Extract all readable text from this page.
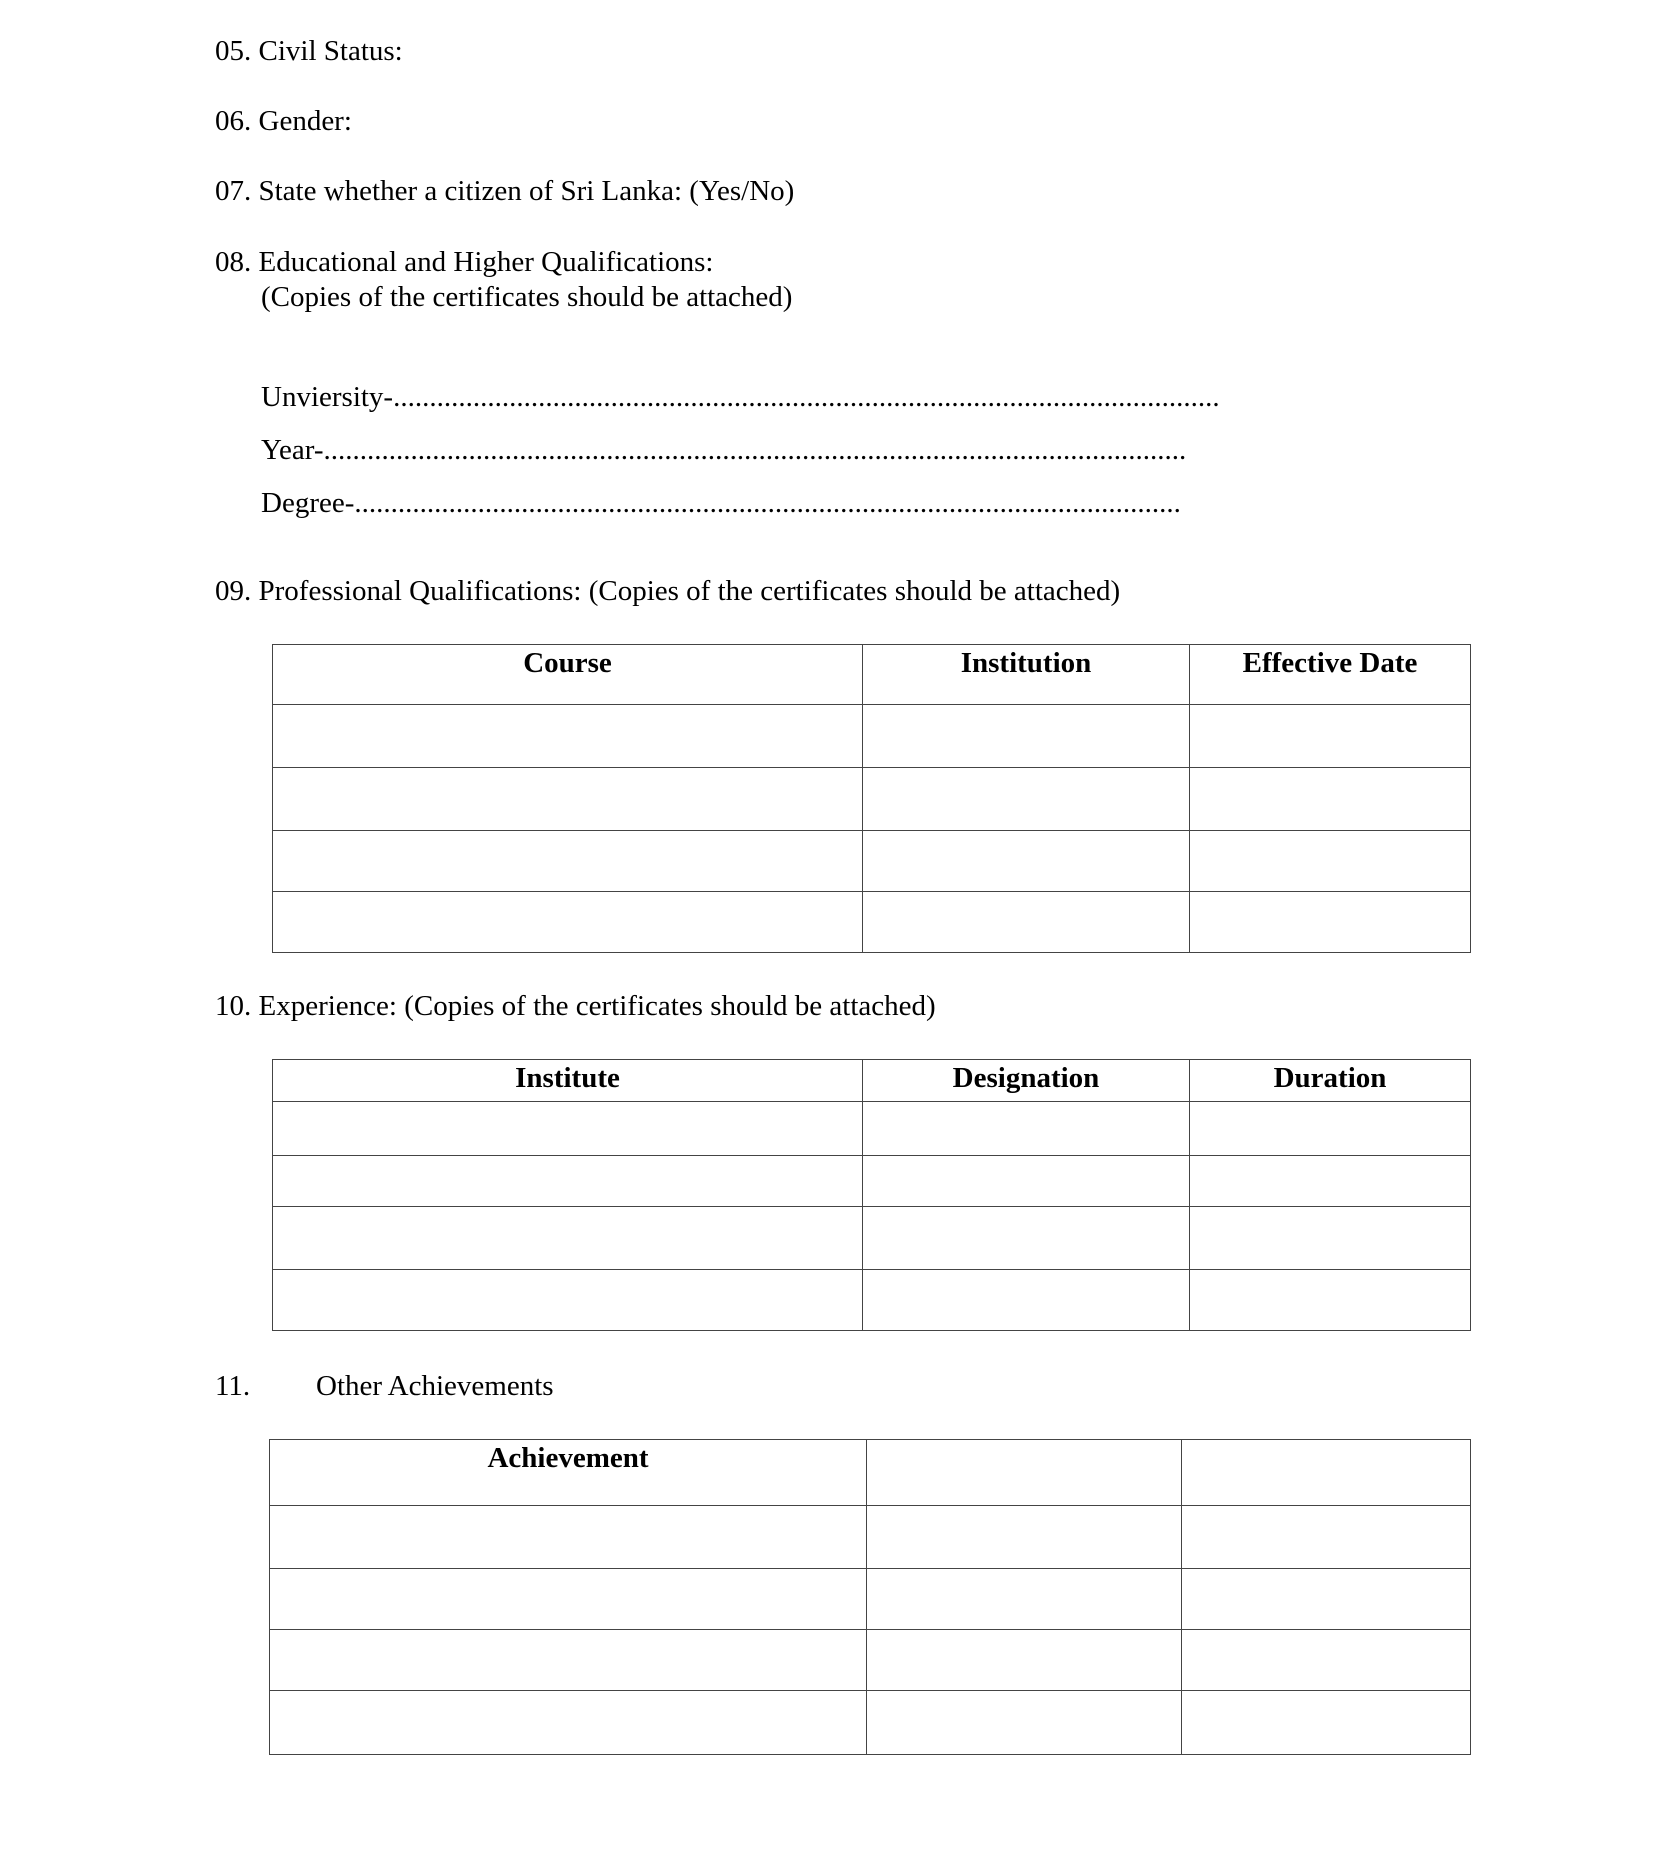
05. Civil Status:
06. Gender:
07. State whether a citizen of Sri Lanka: (Yes/No)
08. Educational and Higher Qualifications:
(Copies of the certificates should be attached)
Unviersity-..................................................................................................................
Year-.......................................................................................................................
Degree-..................................................................................................................
09. Professional Qualifications: (Copies of the certificates should be attached)
Course	Institution	Effective Date

10. Experience: (Copies of the certificates should be attached)
Institute	Designation	Duration

11. Other Achievements
Achievement		
